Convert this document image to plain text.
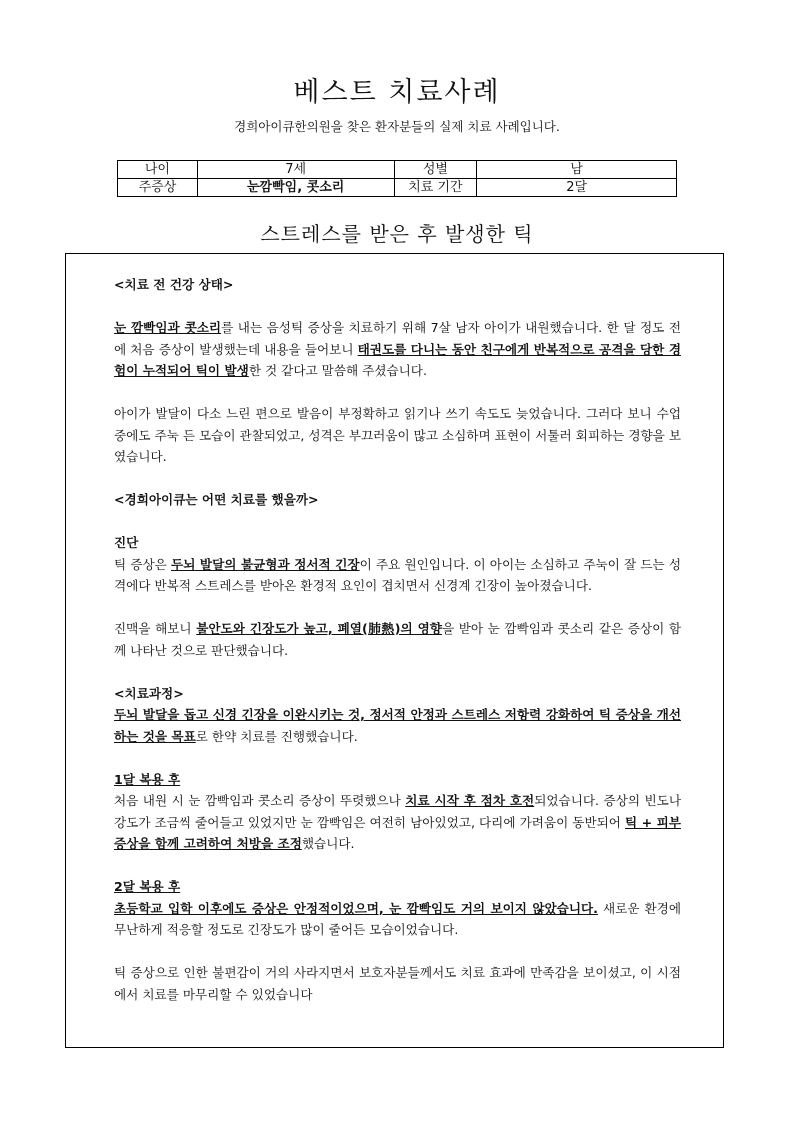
베스트 치료사례

경희아이큐한의원을 찾은 환자분들의 실제 치료 사례입니다.

나이	7세	성별	남
주증상	눈깜빡임, 콧소리	치료 기간	2달
스트레스를 받은 후 발생한 틱

<치료 전 건강 상태>

눈 깜빡임과 콧소리를 내는 음성틱 증상을 치료하기 위해 7살 남자 아이가 내원했습니다. 한 달 정도 전에 처음 증상이 발생했는데 내용을 들어보니 태권도를 다니는 동안 친구에게 반복적으로 공격을 당한 경험이 누적되어 틱이 발생한 것 같다고 말씀해 주셨습니다.

아이가 발달이 다소 느린 편으로 발음이 부정확하고 읽기나 쓰기 속도도 늦었습니다. 그러다 보니 수업 중에도 주눅 든 모습이 관찰되었고, 성격은 부끄러움이 많고 소심하며 표현이 서툴러 회피하는 경향을 보였습니다.

<경희아이큐는 어떤 치료를 했을까>

진단

틱 증상은 두뇌 발달의 불균형과 정서적 긴장이 주요 원인입니다. 이 아이는 소심하고 주눅이 잘 드는 성격에다 반복적 스트레스를 받아온 환경적 요인이 겹치면서 신경계 긴장이 높아졌습니다.

진맥을 해보니 불안도와 긴장도가 높고, 폐열(肺熱)의 영향을 받아 눈 깜빡임과 콧소리 같은 증상이 함께 나타난 것으로 판단했습니다.

<치료과정>

두뇌 발달을 돕고 신경 긴장을 이완시키는 것, 정서적 안정과 스트레스 저항력 강화하여 틱 증상을 개선하는 것을 목표로 한약 치료를 진행했습니다.

1달 복용 후

처음 내원 시 눈 깜빡임과 콧소리 증상이 뚜렷했으나 치료 시작 후 점차 호전되었습니다. 증상의 빈도나 강도가 조금씩 줄어들고 있었지만 눈 깜빡임은 여전히 남아있었고, 다리에 가려움이 동반되어 틱 + 피부 증상을 함께 고려하여 처방을 조정했습니다.

2달 복용 후

초등학교 입학 이후에도 증상은 안정적이었으며, 눈 깜빡임도 거의 보이지 않았습니다. 새로운 환경에 무난하게 적응할 정도로 긴장도가 많이 줄어든 모습이었습니다.

틱 증상으로 인한 불편감이 거의 사라지면서 보호자분들께서도 치료 효과에 만족감을 보이셨고, 이 시점에서 치료를 마무리할 수 있었습니다
